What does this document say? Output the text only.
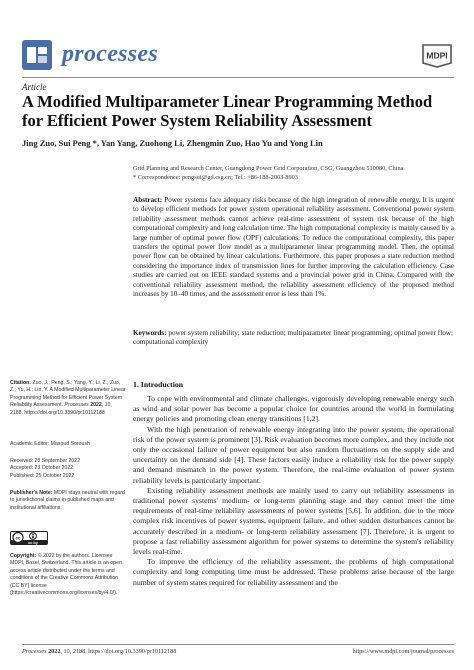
processes	MDPI
Article
A Modified Multiparameter Linear Programming Method for Efficient Power System Reliability Assessment
Jing Zuo, Sui Peng *, Yan Yang, Zuohong Li, Zhengmin Zuo, Hao Yu and Yong Lin
Grid Planning and Research Center, Guangdong Power Grid Corporation, CSG, Guangzhou 510080, China
* Correspondence: pengsui@gd.csg.cn; Tel.: +86-188-2003-8903
Abstract: Power systems face adequacy risks because of the high integration of renewable energy. It is urgent to develop efficient methods for power system operational reliability assessment. Conventional power system reliability assessment methods cannot achieve real-time assessment of system risk because of the high computational complexity and long calculation time. The high computational complexity is mainly caused by a large number of optimal power flow (OPF) calculations. To reduce the computational complexity, this paper transfers the optimal power flow model as a multiparameter linear programming model. Then, the optimal power flow can be obtained by linear calculations. Furthermore, this paper proposes a state reduction method considering the importance index of transmission lines for further improving the calculation efficiency. Case studies are carried out on IEEE standard systems and a provincial power grid in China. Compared with the conventional reliability assessment method, the reliability assessment efficiency of the proposed method increases by 10–40 times, and the assessment error is less than 1%.
Keywords: power system reliability; state reduction; multiparameter linear programming; optimal power flow; computational complexity
Citation: Zuo, J.; Peng, S.; Yang, Y.; Li, Z.; Zuo, Z.; Yu, H.; Lin, Y. A Modified Multiparameter Linear Programming Method for Efficient Power System Reliability Assessment. Processes 2022, 10, 2188. https://doi.org/10.3390/pr10112188
Academic Editor: Masoud Soroush
Received: 28 September 2022
Accepted: 23 October 2022
Published: 25 October 2022
Publisher's Note: MDPI stays neutral with regard to jurisdictional claims in published maps and institutional affiliations.
cc
cc by
Copyright: © 2022 by the authors. Licensee MDPI, Basel, Switzerland. This article is an open access article distributed under the terms and conditions of the Creative Commons Attribution (CC BY) license (https://creativecommons.org/licenses/by/4.0/).
1. Introduction

To cope with environmental and climate challenges, vigorously developing renewable energy such as wind and solar power has become a popular choice for countries around the world in formulating energy policies and promoting clean energy transitions [1,2].

With the high penetration of renewable energy integrating into the power system, the operational risk of the power system is prominent [3]. Risk evaluation becomes more complex, and they include not only the occasional failure of power equipment but also random fluctuations on the supply side and uncertainty on the demand side [4]. These factors easily induce a reliability risk for the power supply and demand mismatch in the power system. Therefore, the real-time evaluation of power system reliability levels is particularly important.

Existing reliability assessment methods are mainly used to carry out reliability assessments in traditional power systems' medium- or long-term planning stage and they cannot meet the time requirements of real-time reliability assessments of power systems [5,6]. In addition, due to the more complex risk incentives of power systems, equipment failure, and other sudden disturbances cannot be accurately described in a medium- or long-term reliability assessment [7]. Therefore, it is urgent to propose a fast reliability assessment algorithm for power systems to determine the system's reliability levels real-time.

To improve the efficiency of the reliability assessment, the problems of high computational complexity and long computing time must be addressed. These problems arise because of the large number of system states required for reliability assessment and the

Processes 2022, 10, 2188. https://doi.org/10.3390/pr10112188	https://www.mdpi.com/journal/processes
